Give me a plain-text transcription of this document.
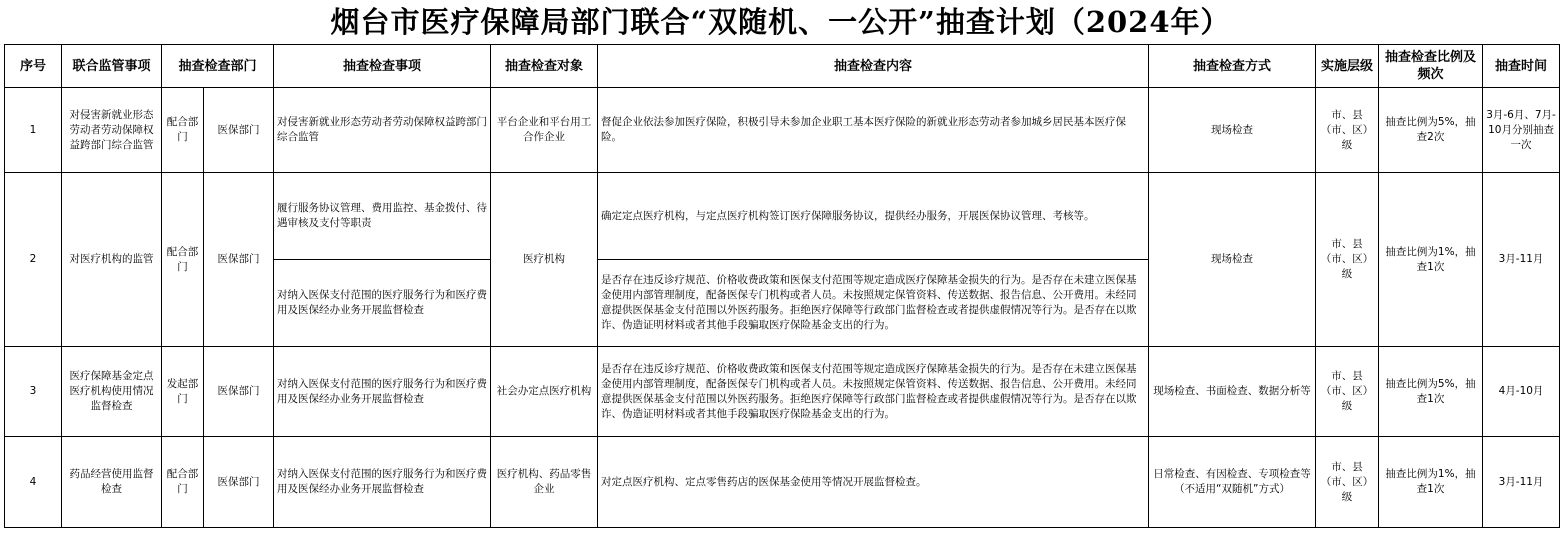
烟台市医疗保障局部门联合“双随机、一公开”抽查计划（2024年）
序号	联合监管事项	抽查检查部门		抽查检查事项	抽查检查对象	抽查检查内容	抽查检查方式	实施层级	抽查检查比例及频次	抽查时间
1	对侵害新就业形态劳动者劳动保障权益跨部门综合监管	配合部门	医保部门	对侵害新就业形态劳动者劳动保障权益跨部门综合监管	平台企业和平台用工合作企业	督促企业依法参加医疗保险，积极引导未参加企业职工基本医疗保险的新就业形态劳动者参加城乡居民基本医疗保险。	现场检查	市、县（市、区）级	抽查比例为5%，抽查2次	3月-6月、7月-10月分别抽查一次
2	对医疗机构的监管	配合部门	医保部门	履行服务协议管理、费用监控、基金拨付、待遇审核及支付等职责	医疗机构	确定定点医疗机构，与定点医疗机构签订医疗保障服务协议，提供经办服务，开展医保协议管理、考核等。	现场检查	市、县（市、区）级	抽查比例为1%，抽查1次	3月-11月
				对纳入医保支付范围的医疗服务行为和医疗费用及医保经办业务开展监督检查		是否存在违反诊疗规范、价格收费政策和医保支付范围等规定造成医疗保障基金损失的行为。是否存在未建立医保基金使用内部管理制度，配备医保专门机构或者人员。未按照规定保管资料、传送数据、报告信息、公开费用。未经同意提供医保基金支付范围以外医药服务。拒绝医疗保障等行政部门监督检查或者提供虚假情况等行为。是否存在以欺诈、伪造证明材料或者其他手段骗取医疗保险基金支出的行为。				
3	医疗保障基金定点医疗机构使用情况监督检查	发起部门	医保部门	对纳入医保支付范围的医疗服务行为和医疗费用及医保经办业务开展监督检查	社会办定点医疗机构	是否存在违反诊疗规范、价格收费政策和医保支付范围等规定造成医疗保障基金损失的行为。是否存在未建立医保基金使用内部管理制度，配备医保专门机构或者人员。未按照规定保管资料、传送数据、报告信息、公开费用。未经同意提供医保基金支付范围以外医药服务。拒绝医疗保障等行政部门监督检查或者提供虚假情况等行为。是否存在以欺诈、伪造证明材料或者其他手段骗取医疗保险基金支出的行为。	现场检查、书面检查、数据分析等	市、县（市、区）级	抽查比例为5%，抽查1次	4月-10月
4	药品经营使用监督检查	配合部门	医保部门	对纳入医保支付范围的医疗服务行为和医疗费用及医保经办业务开展监督检查	医疗机构、药品零售企业	对定点医疗机构、定点零售药店的医保基金使用等情况开展监督检查。	日常检查、有因检查、专项检查等（不适用“双随机”方式）	市、县（市、区）级	抽查比例为1%，抽查1次	3月-11月
